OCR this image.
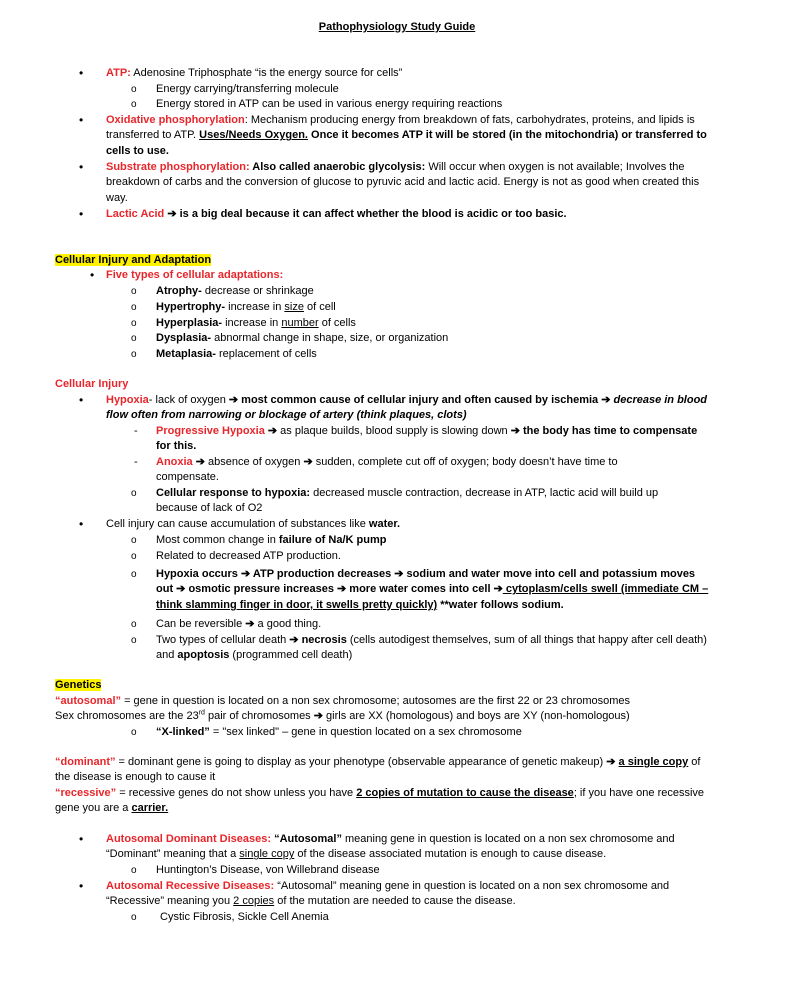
Pathophysiology Study Guide
•

ATP: Adenosine Triphosphate “is the energy source for cells”

o

Energy carrying/transferring molecule

o

Energy stored in ATP can be used in various energy requiring reactions

•

Oxidative phosphorylation: Mechanism producing energy from breakdown of fats, carbohydrates, proteins, and lipids is transferred to ATP. Uses/Needs Oxygen. Once it becomes ATP it will be stored (in the mitochondria) or transferred to cells to use.

•

Substrate phosphorylation: Also called anaerobic glycolysis: Will occur when oxygen is not available; Involves the breakdown of carbs and the conversion of glucose to pyruvic acid and lactic acid. Energy is not as good when created this way.

•

Lactic Acid ➔ is a big deal because it can affect whether the blood is acidic or too basic.

Cellular Injury and Adaptation

•

Five types of cellular adaptations:

o

Atrophy- decrease or shrinkage

o

Hypertrophy- increase in size of cell

o

Hyperplasia- increase in number of cells

o

Dysplasia- abnormal change in shape, size, or organization

o

Metaplasia- replacement of cells

Cellular Injury

•

Hypoxia- lack of oxygen ➔ most common cause of cellular injury and often caused by ischemia ➔ decrease in blood flow often from narrowing or blockage of artery (think plaques, clots)

-

Progressive Hypoxia ➔ as plaque builds, blood supply is slowing down ➔ the body has time to compensate for this.

-

Anoxia ➔ absence of oxygen ➔ sudden, complete cut off of oxygen; body doesn’t have time to compensate.

o

Cellular response to hypoxia: decreased muscle contraction, decrease in ATP, lactic acid will build up because of lack of O2

•

Cell injury can cause accumulation of substances like water.

o

Most common change in failure of Na/K pump

o

Related to decreased ATP production.

o

Hypoxia occurs ➔ ATP production decreases ➔ sodium and water move into cell and potassium moves out ➔ osmotic pressure increases ➔ more water comes into cell ➔ cytoplasm/cells swell (immediate CM – think slamming finger in door, it swells pretty quickly) **water follows sodium.

o

Can be reversible ➔ a good thing.

o

Two types of cellular death ➔ necrosis (cells autodigest themselves, sum of all things that happy after cell death) and apoptosis (programmed cell death)

Genetics

“autosomal” = gene in question is located on a non sex chromosome; autosomes are the first 22 or 23 chromosomes

Sex chromosomes are the 23rd pair of chromosomes ➔ girls are XX (homologous) and boys are XY (non-homologous)

o

“X-linked” = "sex linked" – gene in question located on a sex chromosome

“dominant” = dominant gene is going to display as your phenotype (observable appearance of genetic makeup) ➔ a single copy of the disease is enough to cause it

“recessive” = recessive genes do not show unless you have 2 copies of mutation to cause the disease; if you have one recessive gene you are a carrier.

•

Autosomal Dominant Diseases: “Autosomal” meaning gene in question is located on a non sex chromosome and “Dominant” meaning that a single copy of the disease associated mutation is enough to cause disease.

o

Huntington’s Disease, von Willebrand disease

•

Autosomal Recessive Diseases: “Autosomal” meaning gene in question is located on a non sex chromosome and “Recessive” meaning you 2 copies of the mutation are needed to cause the disease.

o

Cystic Fibrosis, Sickle Cell Anemia
